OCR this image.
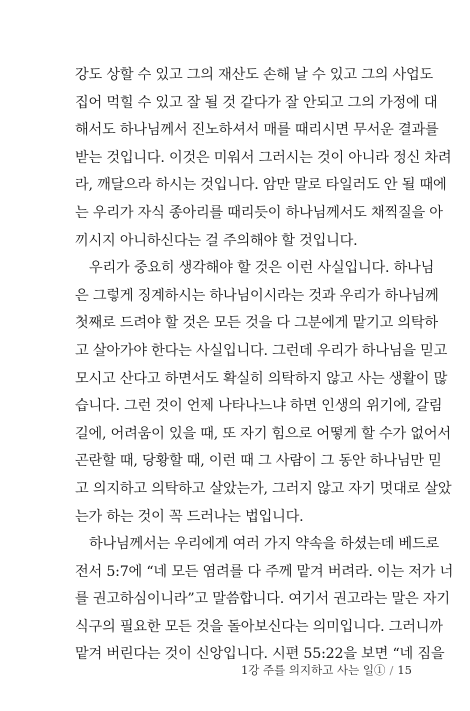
강도 상할 수 있고 그의 재산도 손해 날 수 있고 그의 사업도
집어 먹힐 수 있고 잘 될 것 같다가 잘 안되고 그의 가정에 대
해서도 하나님께서 진노하셔서 매를 때리시면 무서운 결과를
받는 것입니다. 이것은 미워서 그러시는 것이 아니라 정신 차려
라, 깨달으라 하시는 것입니다. 암만 말로 타일러도 안 될 때에
는 우리가 자식 종아리를 때리듯이 하나님께서도 채찍질을 아
끼시지 아니하신다는 걸 주의해야 할 것입니다.
우리가 중요히 생각해야 할 것은 이런 사실입니다. 하나님
은 그렇게 징계하시는 하나님이시라는 것과 우리가 하나님께
첫째로 드려야 할 것은 모든 것을 다 그분에게 맡기고 의탁하
고 살아가야 한다는 사실입니다. 그런데 우리가 하나님을 믿고
모시고 산다고 하면서도 확실히 의탁하지 않고 사는 생활이 많
습니다. 그런 것이 언제 나타나느냐 하면 인생의 위기에, 갈림
길에, 어려움이 있을 때, 또 자기 힘으로 어떻게 할 수가 없어서
곤란할 때, 당황할 때, 이런 때 그 사람이 그 동안 하나님만 믿
고 의지하고 의탁하고 살았는가, 그러지 않고 자기 멋대로 살았
는가 하는 것이 꼭 드러나는 법입니다.
하나님께서는 우리에게 여러 가지 약속을 하셨는데 베드로
전서 5:7에 “네 모든 염려를 다 주께 맡겨 버려라. 이는 저가 너
를 권고하심이니라”고 말씀합니다. 여기서 권고라는 말은 자기
식구의 필요한 모든 것을 돌아보신다는 의미입니다. 그러니까
맡겨 버린다는 것이 신앙입니다. 시편 55:22을 보면 “네 짐을
1강 주를 의지하고 사는 일① / 15
